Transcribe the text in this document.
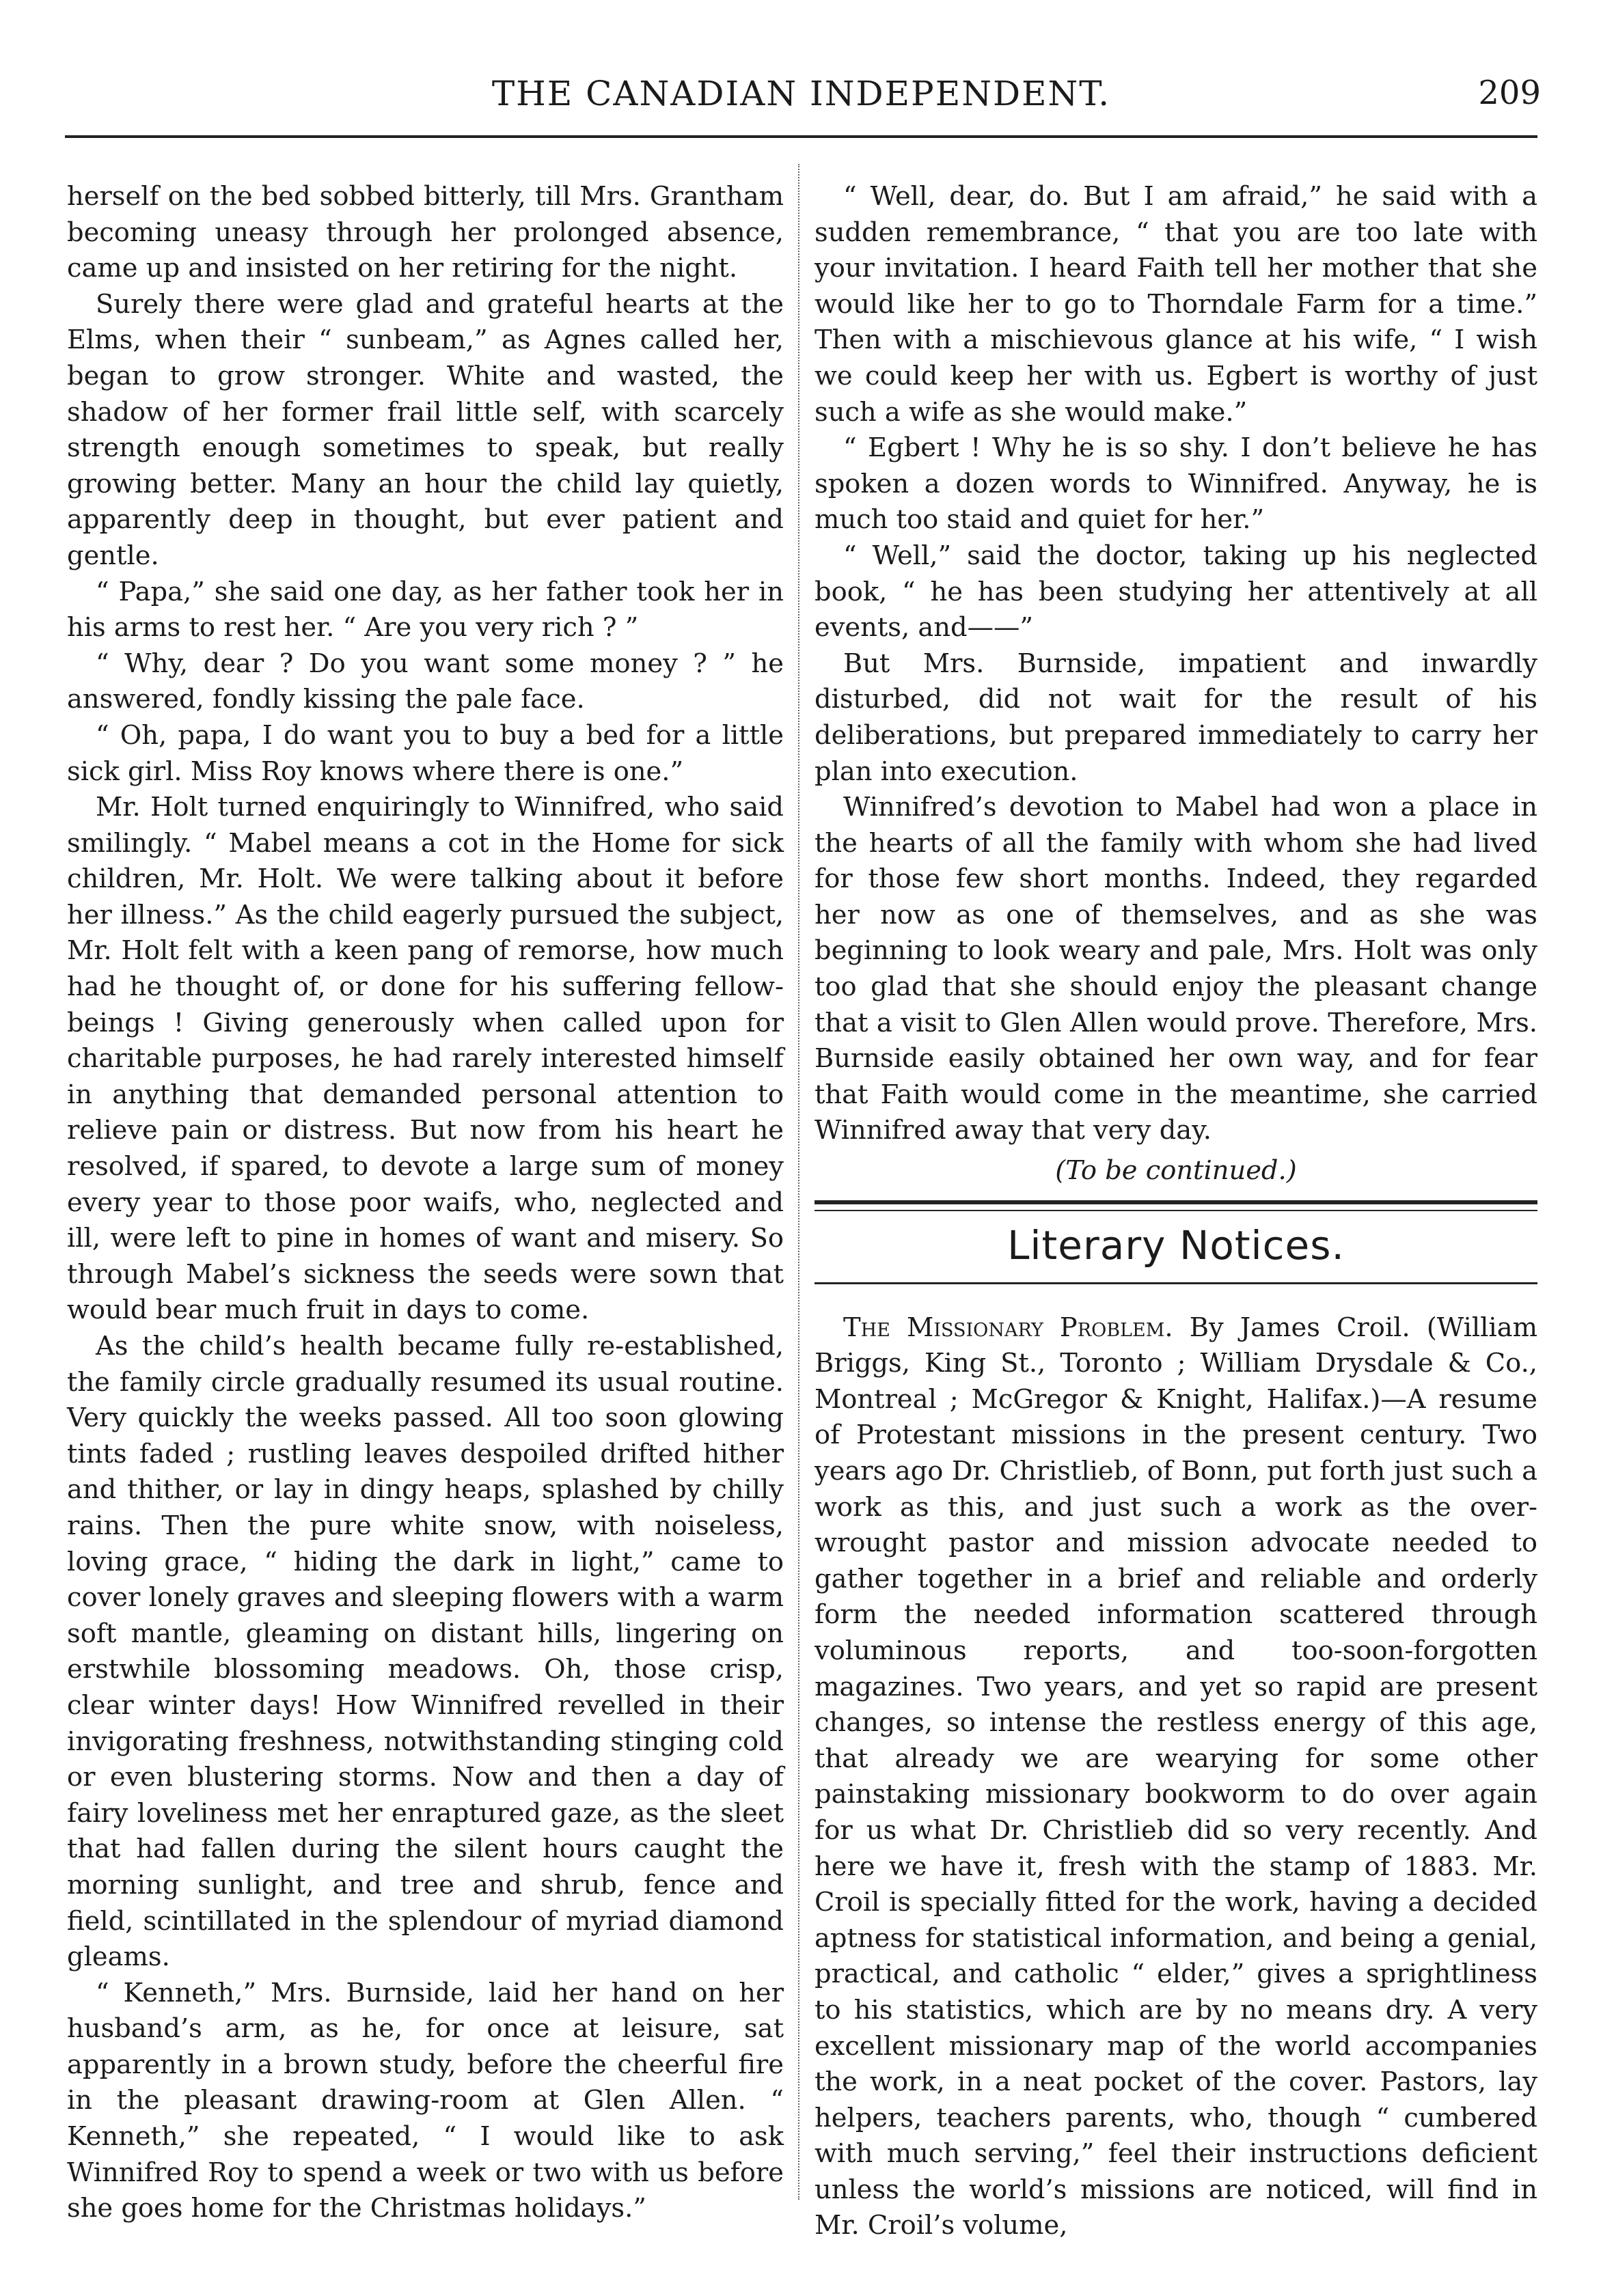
THE CANADIAN INDEPENDENT.	209

herself on the bed sobbed bitterly, till Mrs. Grantham becoming uneasy through her prolonged absence, came up and insisted on her retiring for the night.

Surely there were glad and grateful hearts at the Elms, when their “ sunbeam,” as Agnes called her, began to grow stronger. White and wasted, the shadow of her former frail little self, with scarcely strength enough sometimes to speak, but really growing better. Many an hour the child lay quietly, apparently deep in thought, but ever patient and gentle.

“ Papa,” she said one day, as her father took her in his arms to rest her. “ Are you very rich ? ”

“ Why, dear ? Do you want some money ? ” he answered, fondly kissing the pale face.

“ Oh, papa, I do want you to buy a bed for a little sick girl. Miss Roy knows where there is one.”

Mr. Holt turned enquiringly to Winnifred, who said smilingly. “ Mabel means a cot in the Home for sick children, Mr. Holt. We were talking about it before her illness.” As the child eagerly pursued the subject, Mr. Holt felt with a keen pang of remorse, how much had he thought of, or done for his suffering fellow-beings ! Giving generously when called upon for charitable purposes, he had rarely interested himself in anything that demanded personal attention to relieve pain or distress. But now from his heart he resolved, if spared, to devote a large sum of money every year to those poor waifs, who, neglected and ill, were left to pine in homes of want and misery. So through Mabel’s sickness the seeds were sown that would bear much fruit in days to come.

As the child’s health became fully re-established, the family circle gradually resumed its usual routine. Very quickly the weeks passed. All too soon glowing tints faded ; rustling leaves despoiled drifted hither and thither, or lay in dingy heaps, splashed by chilly rains. Then the pure white snow, with noiseless, loving grace, “ hiding the dark in light,” came to cover lonely graves and sleeping flowers with a warm soft mantle, gleaming on distant hills, lingering on erstwhile blossoming meadows. Oh, those crisp, clear winter days! How Winnifred revelled in their invigorating freshness, notwithstanding stinging cold or even blustering storms. Now and then a day of fairy loveliness met her enraptured gaze, as the sleet that had fallen during the silent hours caught the morning sunlight, and tree and shrub, fence and field, scintillated in the splendour of myriad diamond gleams.

“ Kenneth,” Mrs. Burnside, laid her hand on her husband’s arm, as he, for once at leisure, sat apparently in a brown study, before the cheerful fire in the pleasant drawing-room at Glen Allen. “ Kenneth,” she repeated, “ I would like to ask Winnifred Roy to spend a week or two with us before she goes home for the Christmas holidays.”

“ Well, dear, do. But I am afraid,” he said with a sudden remembrance, “ that you are too late with your invitation. I heard Faith tell her mother that she would like her to go to Thorndale Farm for a time.” Then with a mischievous glance at his wife, “ I wish we could keep her with us. Egbert is worthy of just such a wife as she would make.”

“ Egbert ! Why he is so shy. I don’t believe he has spoken a dozen words to Winnifred. Anyway, he is much too staid and quiet for her.”

“ Well,” said the doctor, taking up his neglected book, “ he has been studying her attentively at all events, and——”

But Mrs. Burnside, impatient and inwardly disturbed, did not wait for the result of his deliberations, but prepared immediately to carry her plan into execution.

Winnifred’s devotion to Mabel had won a place in the hearts of all the family with whom she had lived for those few short months. Indeed, they regarded her now as one of themselves, and as she was beginning to look weary and pale, Mrs. Holt was only too glad that she should enjoy the pleasant change that a visit to Glen Allen would prove. Therefore, Mrs. Burnside easily obtained her own way, and for fear that Faith would come in the meantime, she carried Winnifred away that very day.

(To be continued.)
Literary Notices.

The Missionary Problem. By James Croil. (William Briggs, King St., Toronto ; William Drysdale & Co., Montreal ; McGregor & Knight, Halifax.)—A resume of Protestant missions in the present century. Two years ago Dr. Christlieb, of Bonn, put forth just such a work as this, and just such a work as the over-wrought pastor and mission advocate needed to gather together in a brief and reliable and orderly form the needed information scattered through voluminous reports, and too-soon-forgotten magazines. Two years, and yet so rapid are present changes, so intense the restless energy of this age, that already we are wearying for some other painstaking missionary bookworm to do over again for us what Dr. Christlieb did so very recently. And here we have it, fresh with the stamp of 1883. Mr. Croil is specially fitted for the work, having a decided aptness for statistical information, and being a genial, practical, and catholic “ elder,” gives a sprightliness to his statistics, which are by no means dry. A very excellent missionary map of the world accompanies the work, in a neat pocket of the cover. Pastors, lay helpers, teachers parents, who, though “ cumbered with much serving,” feel their instructions deficient unless the world’s missions are noticed, will find in Mr. Croil’s volume,
